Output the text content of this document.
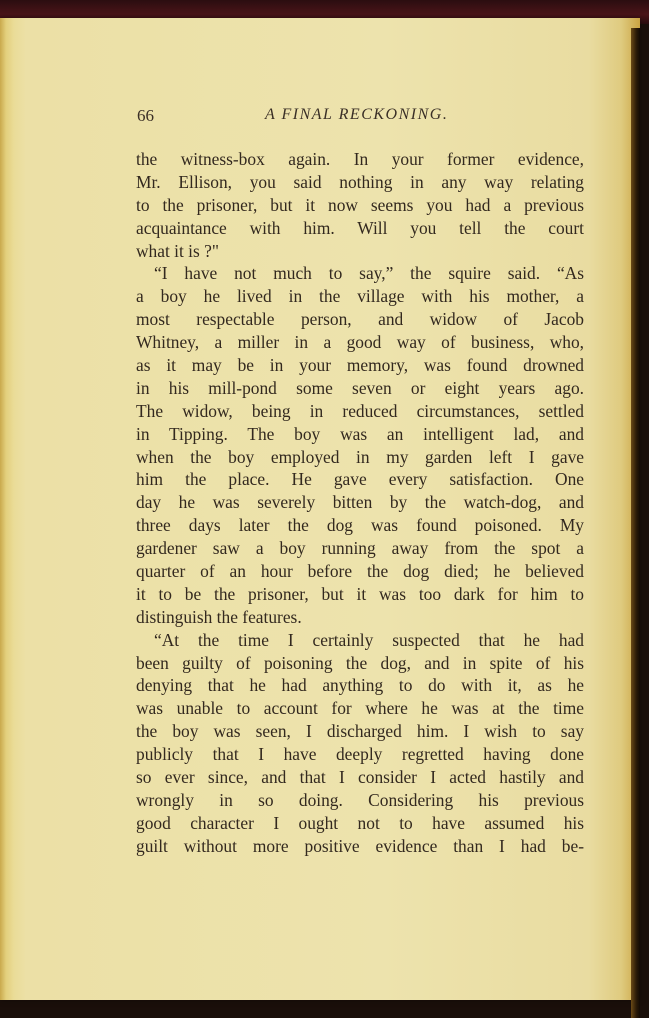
66	A FINAL RECKONING.
the witness-box again. In your former evidence,
Mr. Ellison, you said nothing in any way relating
to the prisoner, but it now seems you had a previous
acquaintance with him. Will you tell the court
what it is ?"
“I have not much to say,” the squire said. “As
a boy he lived in the village with his mother, a
most respectable person, and widow of Jacob
Whitney, a miller in a good way of business, who,
as it may be in your memory, was found drowned
in his mill-pond some seven or eight years ago.
The widow, being in reduced circumstances, settled
in Tipping. The boy was an intelligent lad, and
when the boy employed in my garden left I gave
him the place. He gave every satisfaction. One
day he was severely bitten by the watch-dog, and
three days later the dog was found poisoned. My
gardener saw a boy running away from the spot a
quarter of an hour before the dog died; he believed
it to be the prisoner, but it was too dark for him to
distinguish the features.
“At the time I certainly suspected that he had
been guilty of poisoning the dog, and in spite of his
denying that he had anything to do with it, as he
was unable to account for where he was at the time
the boy was seen, I discharged him. I wish to say
publicly that I have deeply regretted having done
so ever since, and that I consider I acted hastily and
wrongly in so doing. Considering his previous
good character I ought not to have assumed his
guilt without more positive evidence than I had be-
